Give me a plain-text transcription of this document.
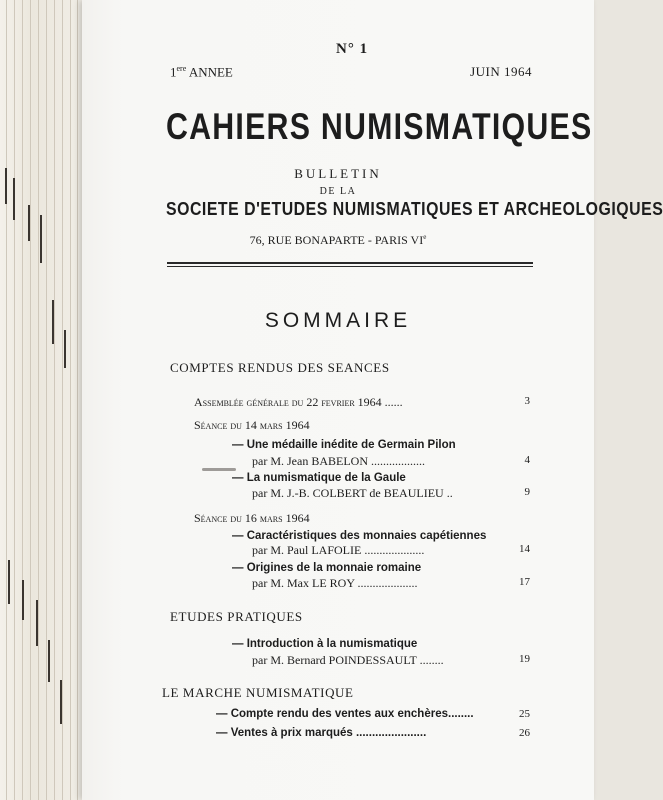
N° 1
1ere ANNEE	JUIN 1964
CAHIERS NUMISMATIQUES
BULLETIN
DE LA
SOCIETE D'ETUDES NUMISMATIQUES ET ARCHEOLOGIQUES
76, RUE BONAPARTE - PARIS VIe
SOMMAIRE
COMPTES RENDUS DES SEANCES
Assemblée générale du 22 fevrier 1964 ......	3
Séance du 14 mars 1964
— Une médaille inédite de Germain Pilon
par M. Jean BABELON ..................	4
— La numismatique de la Gaule
par M. J.-B. COLBERT de BEAULIEU ..	9
Séance du 16 mars 1964
— Caractéristiques des monnaies capétiennes
par M. Paul LAFOLIE ....................	14
— Origines de la monnaie romaine
par M. Max LE ROY ....................	17
ETUDES PRATIQUES
— Introduction à la numismatique
par M. Bernard POINDESSAULT ........	19
LE MARCHE NUMISMATIQUE
— Compte rendu des ventes aux enchères........	25
— Ventes à prix marqués ......................	26
